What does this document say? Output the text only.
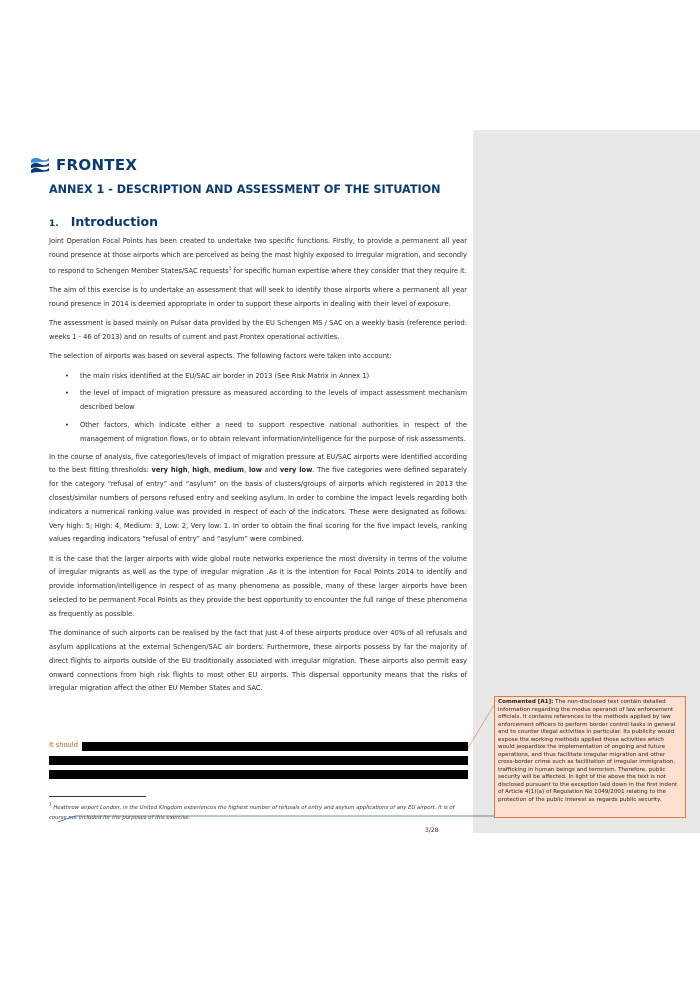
FRONTEX
ANNEX 1 - DESCRIPTION AND ASSESSMENT OF THE SITUATION
1. Introduction

Joint Operation Focal Points has been created to undertake two specific functions. Firstly, to provide a permanent all year round presence at those airports which are perceived as being the most highly exposed to irregular migration, and secondly to respond to Schengen Member States/SAC requests$^1$ for specific human expertise where they consider that they require it.

The aim of this exercise is to undertake an assessment that will seek to identify those airports where a permanent all year round presence in 2014 is deemed appropriate in order to support these airports in dealing with their level of exposure.

The assessment is based mainly on Pulsar data provided by the EU Schengen MS / SAC on a weekly basis (reference period: weeks 1 - 46 of 2013) and on results of current and past Frontex operational activities.

The selection of airports was based on several aspects. The following factors were taken into account:

• the main risks identified at the EU/SAC air border in 2013 (See Risk Matrix in Annex 1)
• the level of impact of migration pressure as measured according to the levels of impact assessment mechanism described below
• Other factors, which indicate either a need to support respective national authorities in respect of the management of migration flows, or to obtain relevant information/intelligence for the purpose of risk assessments.

In the course of analysis, five categories/levels of impact of migration pressure at EU/SAC airports were identified according to the best fitting thresholds: very high, high, medium, low and very low. The five categories were defined separately for the category “refusal of entry” and “asylum” on the basis of clusters/groups of airports which registered in 2013 the closest/similar numbers of persons refused entry and seeking asylum. In order to combine the impact levels regarding both indicators a numerical ranking value was provided in respect of each of the indicators. These were designated as follows: Very high: 5; High: 4, Medium: 3, Low: 2, Very low: 1. In order to obtain the final scoring for the five impact levels, ranking values regarding indicators “refusal of entry” and “asylum” were combined.

It is the case that the larger airports with wide global route networks experience the most diversity in terms of the volume of irregular migrants as well as the type of irregular migration .As it is the intention for Focal Points 2014 to identify and provide information/intelligence in respect of as many phenomena as possible, many of these larger airports have been selected to be permanent Focal Points as they provide the best opportunity to encounter the full range of these phenomena as frequently as possible.

The dominance of such airports can be realised by the fact that just 4 of these airports produce over 40% of all refusals and asylum applications at the external Schengen/SAC air borders. Furthermore, these airports possess by far the majority of direct flights to airports outside of the EU traditionally associated with irregular migration. These airports also permit easy onward connections from high risk flights to most other EU airports. This dispersal opportunity means that the risks of irregular migration affect the other EU Member States and SAC.

It should
$^1$ Heathrow airport London, in the United Kingdom experiences the highest number of refusals of entry and asylum applications of any EU airport. It is of course not included for the purposes of this exercise.
3/28
Commented [A1]: The non-disclosed text contain detailed information regarding the modus operandi of law enforcement officials. It contains references to the methods applied by law enforcement officers to perform border control tasks in general and to counter illegal activities in particular. Its publicity would expose the working methods applied those activities which would jeopardize the implementation of ongoing and future operations, and thus facilitate irregular migration and other cross-border crime such as facilitation of irregular immigration, trafficking in human beings and terrorism. Therefore, public security will be affected. In light of the above the text is not disclosed pursuant to the exception laid down in the first indent of Article 4(1)(a) of Regulation No 1049/2001 relating to the protection of the public interest as regards public security.
